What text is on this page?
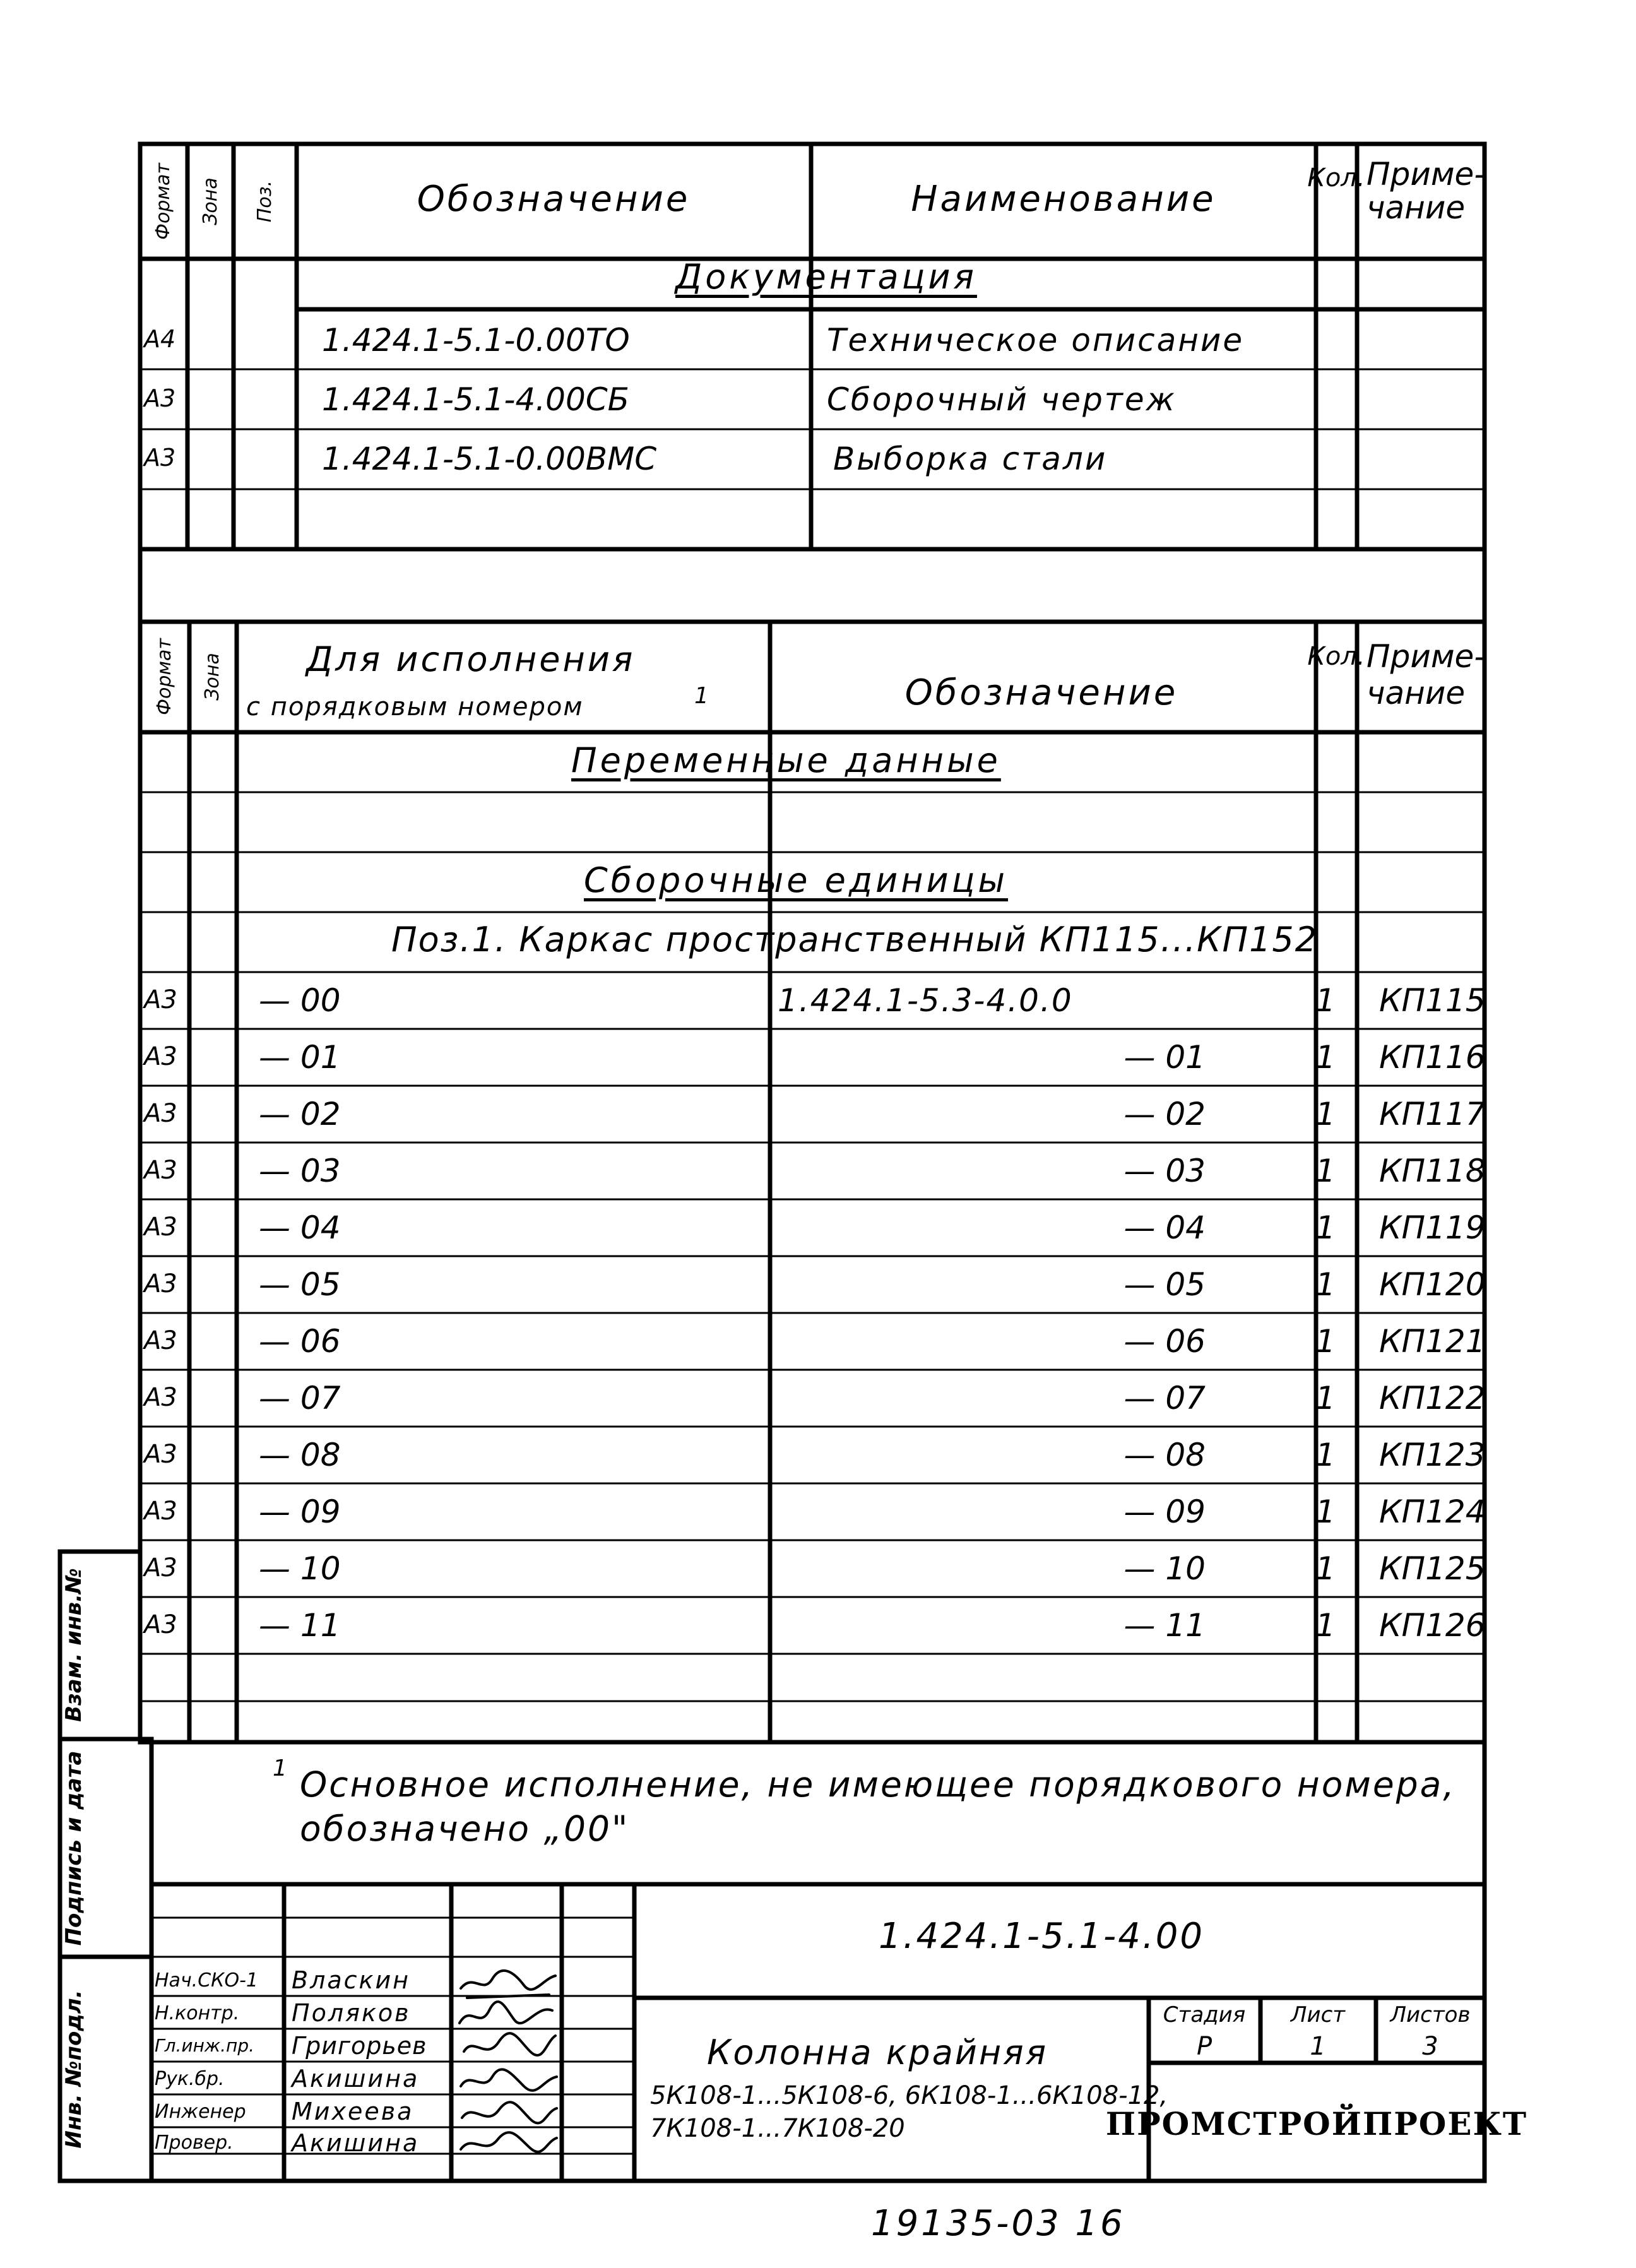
Формат Зона Поз.	Обозначение	Наименование
Кол. Приме-
чание
Документация
А4	1.424.1-5.1-0.00ТО	Техническое описание
А3	1.424.1-5.1-4.00СБ	Сборочный чертеж
А3	1.424.1-5.1-0.00ВМС	Выборка стали
Формат Зона Для исполнения
с порядковым номером	1	Обозначение
Кол. Приме-
чание
Переменные данные
Сборочные единицы
Поз.1. Каркас пространственный КП115...КП152
А3	— 00	1.424.1-5.3-4.0.0	1 КП115
А3	— 01	— 01	1 КП116
А3	— 02	— 02	1 КП117
А3	— 03	— 03	1 КП118
А3	— 04	— 04	1 КП119
А3	— 05	— 05	1 КП120
А3	— 06	— 06	1 КП121
А3	— 07	— 07	1 КП122
А3	— 08	— 08	1 КП123
А3	— 09	— 09	1 КП124
А3	— 10	— 10	1 КП125
А3	— 11	— 11	1 КП126
1 Основное исполнение, не имеющее порядкового номера,
обозначено „00"
Взам. инв.№
Подпись и дата
Инв. №подл.
1.424.1-5.1-4.00
Колонна крайняя
5К108-1...5К108-6, 6К108-1...6К108-12,
7К108-1...7К108-20
Стадия Лист Листов
Р	1	3
ПРОМСТРОЙПРОЕКТ
Нач.СКО-1 Власкин
Н.контр. Поляков
Гл.инж.пр. Григорьев
Рук.бр.	Акишина
Инженер Михеева
Провер. Акишина
19135-03 16
